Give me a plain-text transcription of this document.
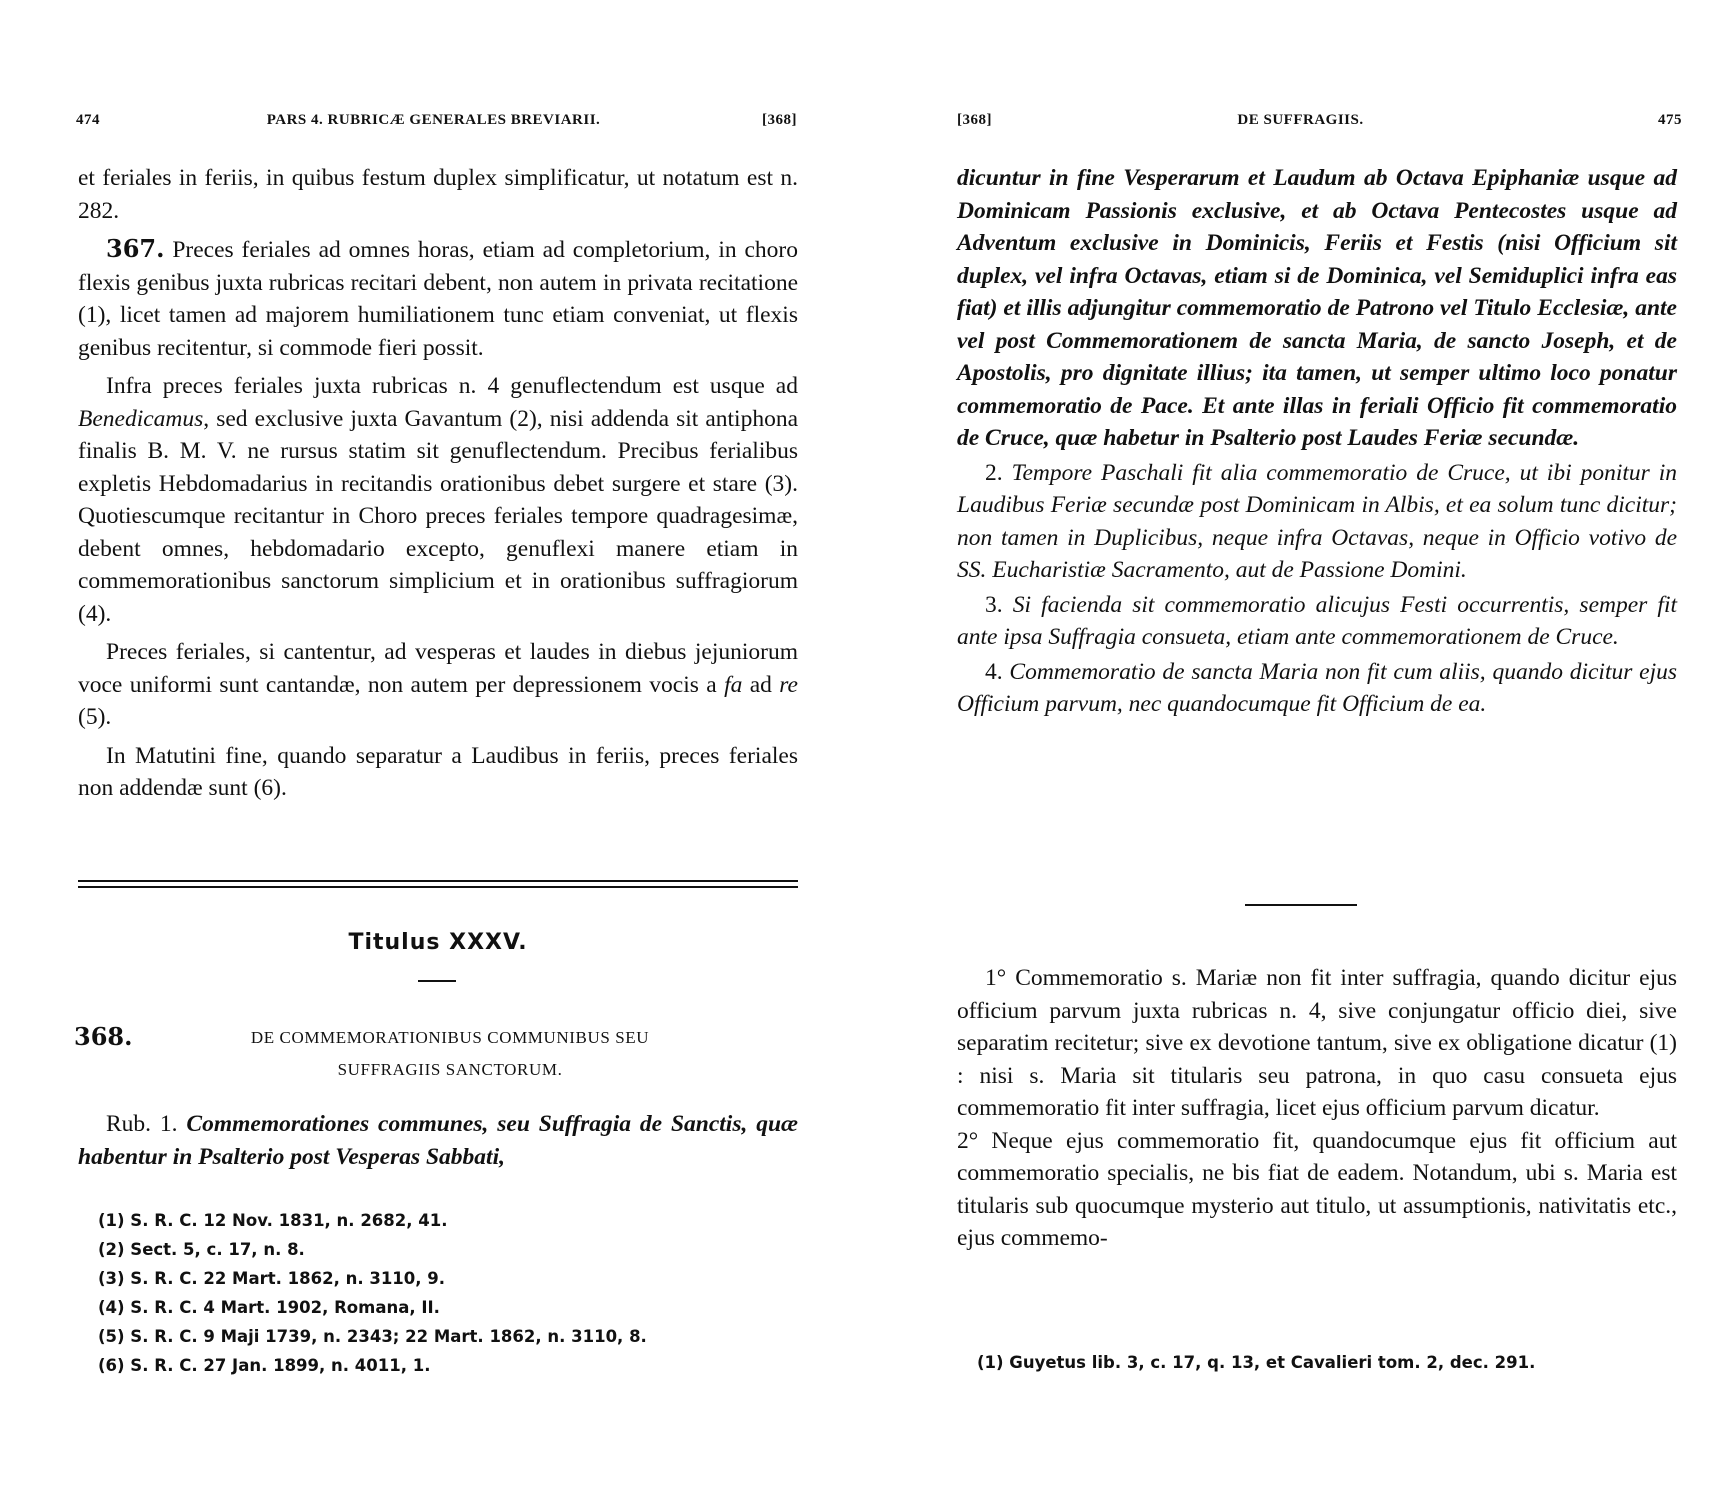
474	PARS 4. RUBRICÆ GENERALES BREVIARII.	[368]

et feriales in feriis, in quibus festum duplex simplificatur, ut notatum est n. 282.

367. Preces feriales ad omnes horas, etiam ad completorium, in choro flexis genibus juxta rubricas recitari debent, non autem in privata recitatione (1), licet tamen ad majorem humiliationem tunc etiam conveniat, ut flexis genibus recitentur, si commode fieri possit.

Infra preces feriales juxta rubricas n. 4 genuflectendum est usque ad Benedicamus, sed exclusive juxta Gavantum (2), nisi addenda sit antiphona finalis B. M. V. ne rursus statim sit genuflectendum. Precibus ferialibus expletis Hebdomadarius in recitandis orationibus debet surgere et stare (3). Quotiescumque recitantur in Choro preces feriales tempore quadragesimæ, debent omnes, hebdomadario excepto, genuflexi manere etiam in commemorationibus sanctorum simplicium et in orationibus suffragiorum (4).

Preces feriales, si cantentur, ad vesperas et laudes in diebus jejuniorum voce uniformi sunt cantandæ, non autem per depressionem vocis a fa ad re (5).

In Matutini fine, quando separatur a Laudibus in feriis, preces feriales non addendæ sunt (6).

Titulus XXXV.
368.	DE COMMEMORATIONIBUS COMMUNIBUS SEU
SUFFRAGIIS SANCTORUM.

Rub. 1. Commemorationes communes, seu Suffragia de Sanctis, quæ habentur in Psalterio post Vesperas Sabbati,

(1) S. R. C. 12 Nov. 1831, n. 2682, 41.
(2) Sect. 5, c. 17, n. 8.
(3) S. R. C. 22 Mart. 1862, n. 3110, 9.
(4) S. R. C. 4 Mart. 1902, Romana, II.
(5) S. R. C. 9 Maji 1739, n. 2343; 22 Mart. 1862, n. 3110, 8.
(6) S. R. C. 27 Jan. 1899, n. 4011, 1.
[368]	DE SUFFRAGIIS.	475

dicuntur in fine Vesperarum et Laudum ab Octava Epiphaniæ usque ad Dominicam Passionis exclusive, et ab Octava Pentecostes usque ad Adventum exclusive in Dominicis, Feriis et Festis (nisi Officium sit duplex, vel infra Octavas, etiam si de Dominica, vel Semiduplici infra eas fiat) et illis adjungitur commemoratio de Patrono vel Titulo Ecclesiæ, ante vel post Commemorationem de sancta Maria, de sancto Joseph, et de Apostolis, pro dignitate illius; ita tamen, ut semper ultimo loco ponatur commemoratio de Pace. Et ante illas in feriali Officio fit commemoratio de Cruce, quæ habetur in Psalterio post Laudes Feriæ secundæ.

2. Tempore Paschali fit alia commemoratio de Cruce, ut ibi ponitur in Laudibus Feriæ secundæ post Dominicam in Albis, et ea solum tunc dicitur; non tamen in Duplicibus, neque infra Octavas, neque in Officio votivo de SS. Eucharistiæ Sacramento, aut de Passione Domini.

3. Si facienda sit commemoratio alicujus Festi occurrentis, semper fit ante ipsa Suffragia consueta, etiam ante commemorationem de Cruce.

4. Commemoratio de sancta Maria non fit cum aliis, quando dicitur ejus Officium parvum, nec quandocumque fit Officium de ea.

1° Commemoratio s. Mariæ non fit inter suffragia, quando dicitur ejus officium parvum juxta rubricas n. 4, sive conjungatur officio diei, sive separatim recitetur; sive ex devotione tantum, sive ex obligatione dicatur (1) : nisi s. Maria sit titularis seu patrona, in quo casu consueta ejus commemoratio fit inter suffragia, licet ejus officium parvum dicatur.

2° Neque ejus commemoratio fit, quandocumque ejus fit officium aut commemoratio specialis, ne bis fiat de eadem. Notandum, ubi s. Maria est titularis sub quocumque mysterio aut titulo, ut assumptionis, nativitatis etc., ejus commemo-

(1) Guyetus lib. 3, c. 17, q. 13, et Cavalieri tom. 2, dec. 291.
